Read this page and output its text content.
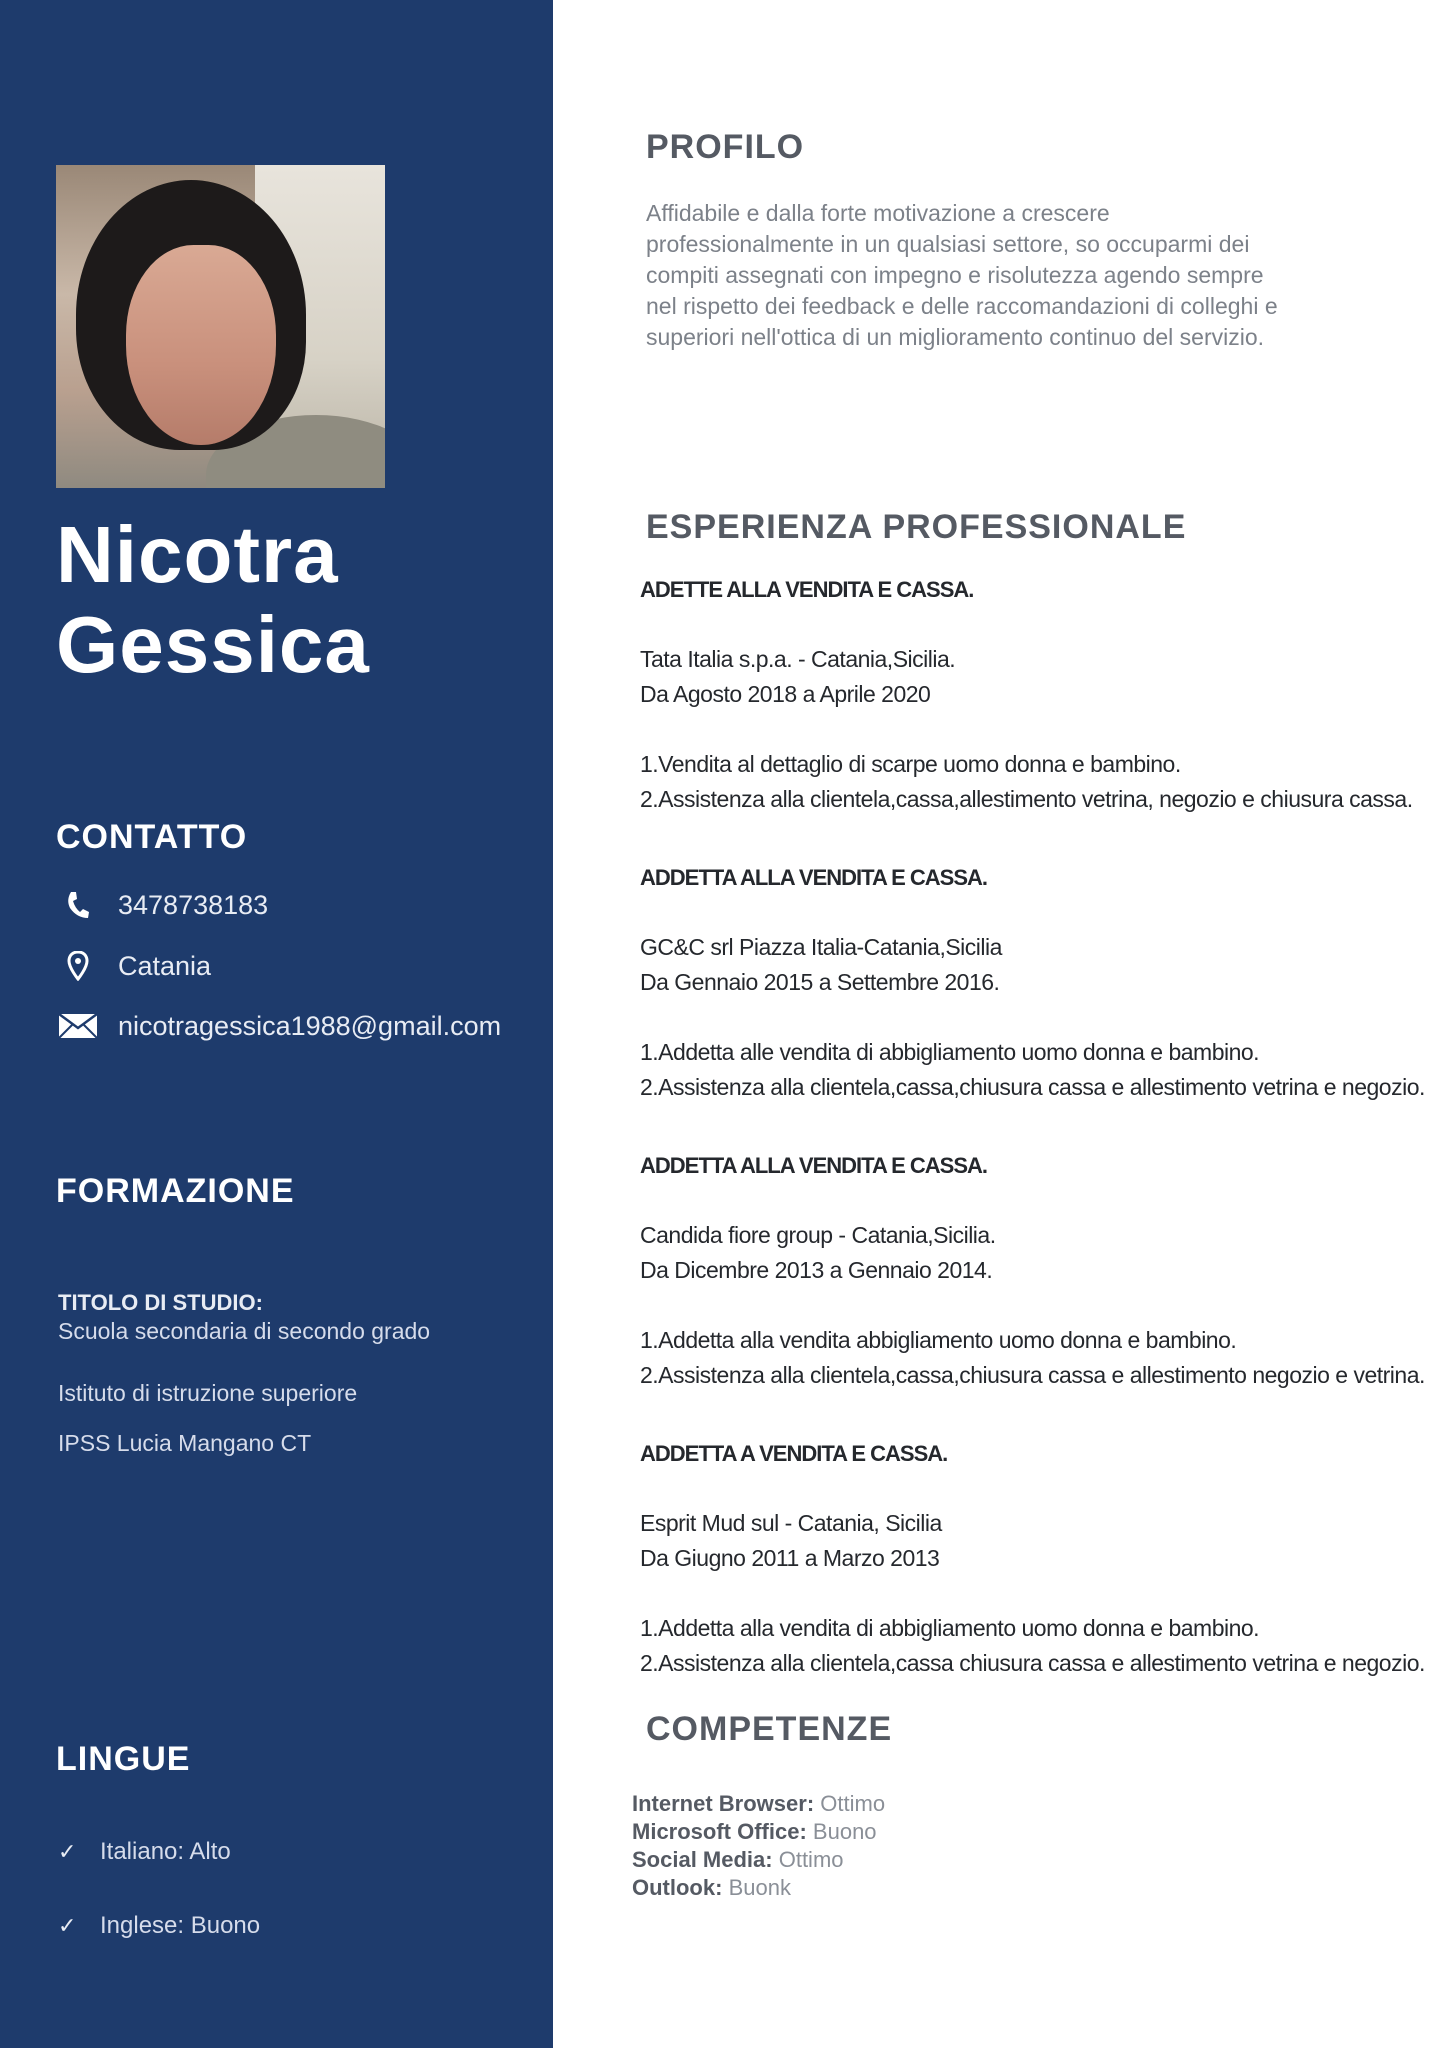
Nicotra
Gessica
CONTATTO
3478738183
Catania
nicotragessica1988@gmail.com
FORMAZIONE
TITOLO DI STUDIO:
Scuola secondaria di secondo grado
Istituto di istruzione superiore
IPSS Lucia Mangano CT
LINGUE
✓ Italiano: Alto
✓ Inglese: Buono
PROFILO
Affidabile e dalla forte motivazione a crescere
professionalmente in un qualsiasi settore, so occuparmi dei
compiti assegnati con impegno e risolutezza agendo sempre
nel rispetto dei feedback e delle raccomandazioni di colleghi e
superiori nell'ottica di un miglioramento continuo del servizio.
ESPERIENZA PROFESSIONALE
ADETTE ALLA VENDITA E CASSA.
Tata Italia s.p.a. - Catania,Sicilia.
Da Agosto 2018 a Aprile 2020
1.Vendita al dettaglio di scarpe uomo donna e bambino.
2.Assistenza alla clientela,cassa,allestimento vetrina, negozio e chiusura cassa.
ADDETTA ALLA VENDITA E CASSA.
GC&C srl Piazza Italia-Catania,Sicilia
Da Gennaio 2015 a Settembre 2016.
1.Addetta alle vendita di abbigliamento uomo donna e bambino.
2.Assistenza alla clientela,cassa,chiusura cassa e allestimento vetrina e negozio.
ADDETTA ALLA VENDITA E CASSA.
Candida fiore group - Catania,Sicilia.
Da Dicembre 2013 a Gennaio 2014.
1.Addetta alla vendita abbigliamento uomo donna e bambino.
2.Assistenza alla clientela,cassa,chiusura cassa e allestimento negozio e vetrina.
ADDETTA A VENDITA E CASSA.
Esprit Mud sul - Catania, Sicilia
Da Giugno 2011 a Marzo 2013
1.Addetta alla vendita di abbigliamento uomo donna e bambino.
2.Assistenza alla clientela,cassa chiusura cassa e allestimento vetrina e negozio.
COMPETENZE
Internet Browser: Ottimo
Microsoft Office: Buono
Social Media: Ottimo
Outlook: Buonk
